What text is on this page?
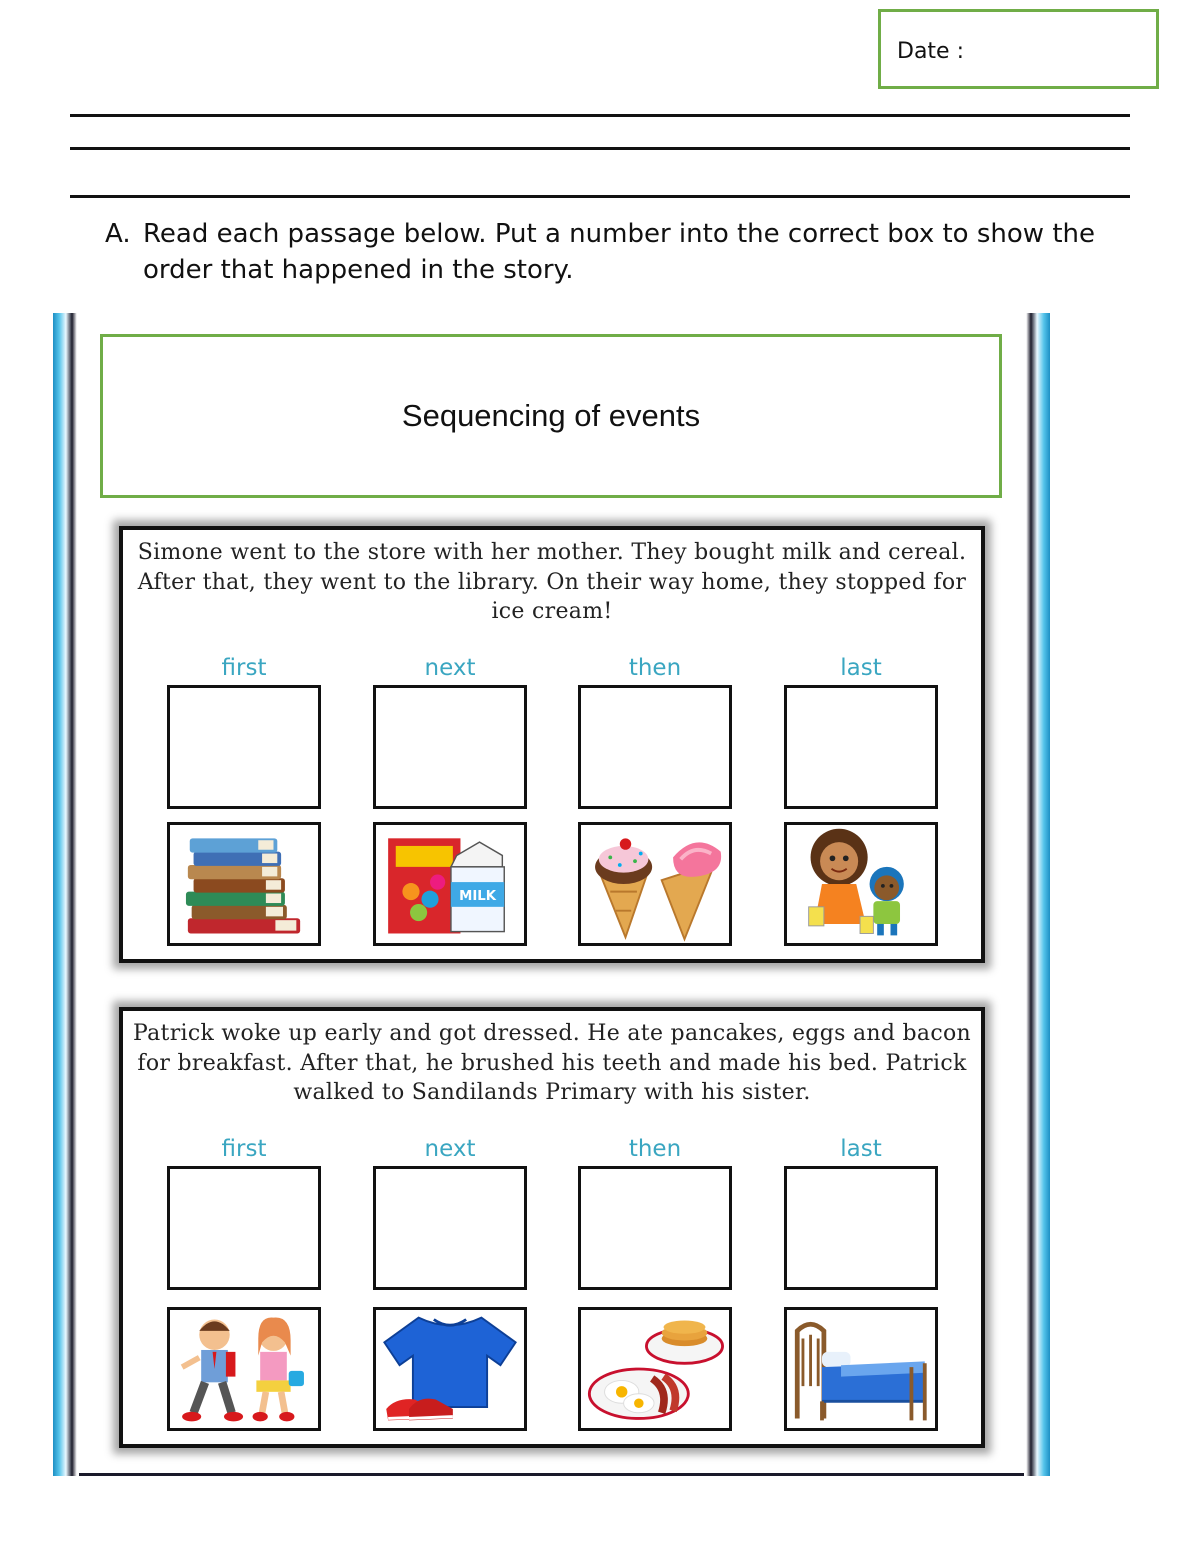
Date :
A. Read each passage below. Put a number into the correct box to show the order that happened in the story.
Sequencing of events
Simone went to the store with her mother. They bought milk and cereal. After that, they went to the library. On their way home, they stopped for ice cream!
first	next	then	last
MILK
Patrick woke up early and got dressed. He ate pancakes, eggs and bacon for breakfast. After that, he brushed his teeth and made his bed. Patrick walked to Sandilands Primary with his sister.
first	next	then	last
